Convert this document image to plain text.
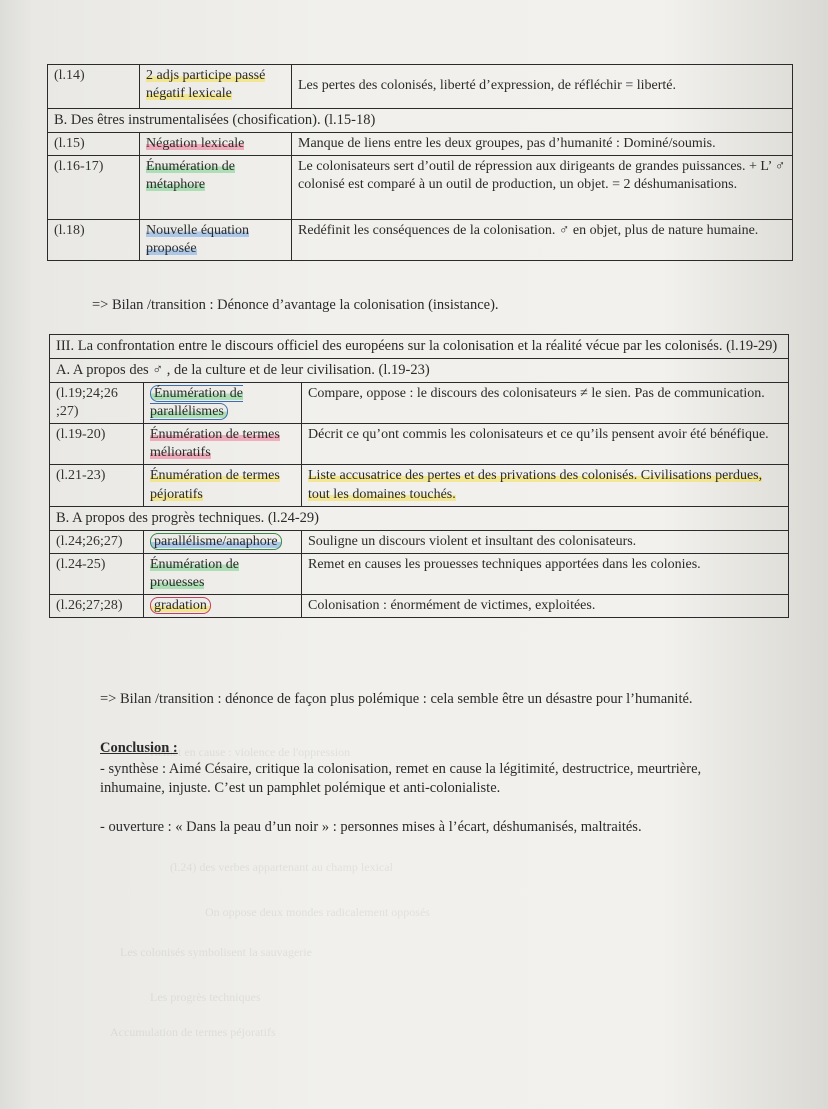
Remet en cause : violence de l'oppression
(l.24) des verbes appartenant au champ lexical
On oppose deux mondes radicalement opposés
Les colonisés symbolisent la sauvagerie
Les progrès techniques
Accumulation de termes péjoratifs
(l.14)	2 adjs participe passé négatif lexicale	Les pertes des colonisés, liberté d’expression, de réfléchir = liberté.
B. Des êtres instrumentalisées (chosification). (l.15-18)		
(l.15)	Négation lexicale	Manque de liens entre les deux groupes, pas d’humanité : Dominé/soumis.
(l.16-17)	Énumération de métaphore	Le colonisateurs sert d’outil de répression aux dirigeants de grandes puissances. + L’ ♂ colonisé est comparé à un outil de production, un objet. = 2 déshumanisations.
(l.18)	Nouvelle équation proposée	Redéfinit les conséquences de la colonisation. ♂ en objet, plus de nature humaine.
=> Bilan /transition : Dénonce d’avantage la colonisation (insistance).
III. La confrontation entre le discours officiel des européens sur la colonisation et la réalité vécue par les colonisés. (l.19-29)		
A. A propos des ♂ , de la culture et de leur civilisation. (l.19-23)		
(l.19;24;26 ;27)	Énumération de parallélismes	Compare, oppose : le discours des colonisateurs ≠ le sien. Pas de communication.
(l.19-20)	Énumération de termes mélioratifs	Décrit ce qu’ont commis les colonisateurs et ce qu’ils pensent avoir été bénéfique.
(l.21-23)	Énumération de termes péjoratifs	Liste accusatrice des pertes et des privations des colonisés. Civilisations perdues, tout les domaines touchés.
B. A propos des progrès techniques. (l.24-29)		
(l.24;26;27)	parallélisme/anaphore	Souligne un discours violent et insultant des colonisateurs.
(l.24-25)	Énumération de prouesses	Remet en causes les prouesses techniques apportées dans les colonies.
(l.26;27;28)	gradation	Colonisation : énormément de victimes, exploitées.
=> Bilan /transition : dénonce de façon plus polémique : cela semble être un désastre pour l’humanité.
Conclusion :
- synthèse : Aimé Césaire, critique la colonisation, remet en cause la légitimité, destructrice, meurtrière, inhumaine, injuste. C’est un pamphlet polémique et anti-colonialiste.
- ouverture : « Dans la peau d’un noir » : personnes mises à l’écart, déshumanisés, maltraités.
